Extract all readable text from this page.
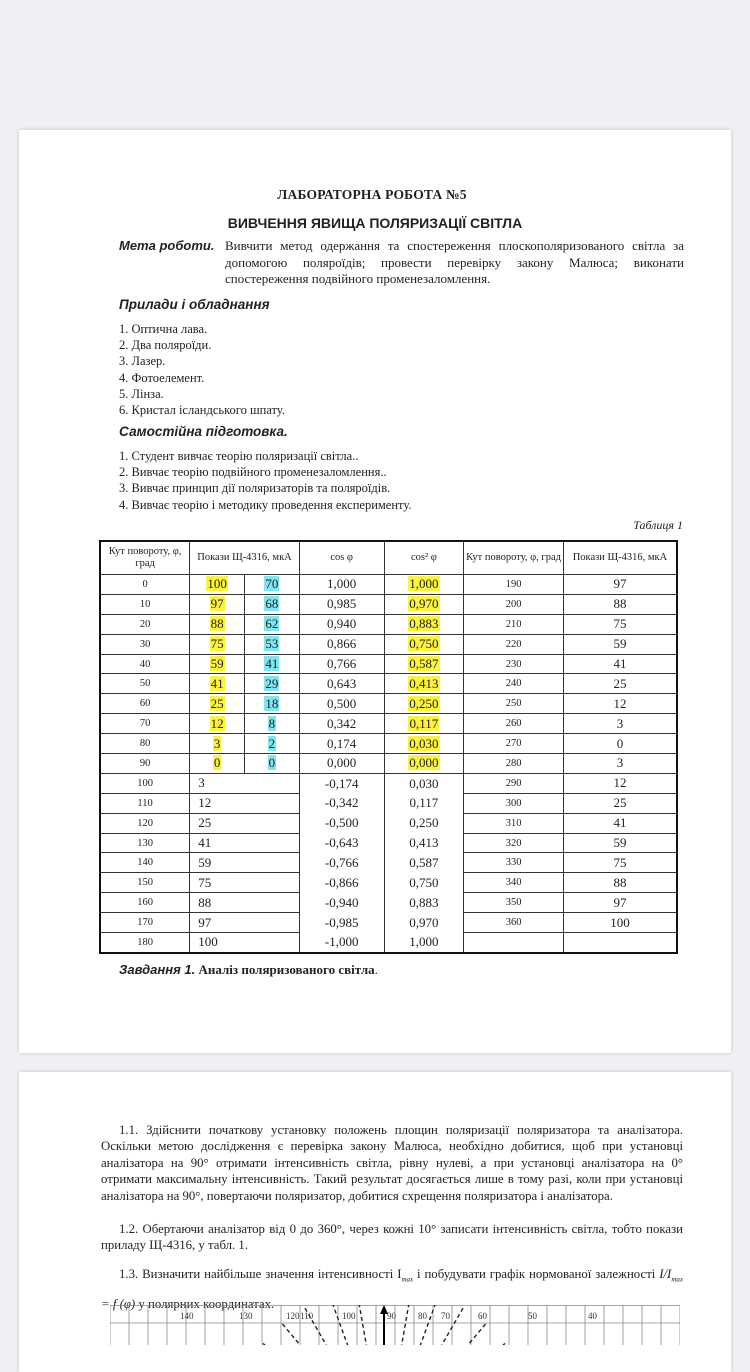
ЛАБОРАТОРНА РОБОТА №5
ВИВЧЕННЯ ЯВИЩА ПОЛЯРИЗАЦІЇ СВІТЛА
Мета роботи. Вивчити метод одержання та спостереження плоскополяризованого світла за допомогою поляроїдів; провести перевірку закону Малюса; виконати спостереження подвійного променезаломлення.
Прилади і обладнання
1. Оптична лава.
2. Два поляроїди.
3. Лазер.
4. Фотоелемент.
5. Лінза.
6. Кристал ісландського шпату.
Самостійна підготовка.
1. Студент вивчає теорію поляризації світла..
2. Вивчає теорію подвійного променезаломлення..
3. Вивчає принцип дії поляризаторів та поляроїдів.
4. Вивчає теорію і методику проведення експерименту.
Таблиця 1
Кут повороту, φ, град	Покази Щ-4316, мкА		cos φ	cos² φ	Кут повороту, φ, град	Покази Щ-4316, мкА
0	100	70	1,000	1,000	190	97
10	97	68	0,985	0,970	200	88
20	88	62	0,940	0,883	210	75
30	75	53	0,866	0,750	220	59
40	59	41	0,766	0,587	230	41
50	41	29	0,643	0,413	240	25
60	25	18	0,500	0,250	250	12
70	12	8	0,342	0,117	260	3
80	3	2	0,174	0,030	270	0
90	0	0	0,000	0,000	280	3
100	3		-0,174	0,030	290	12
110	12		-0,342	0,117	300	25
120	25		-0,500	0,250	310	41
130	41		-0,643	0,413	320	59
140	59		-0,766	0,587	330	75
150	75		-0,866	0,750	340	88
160	88		-0,940	0,883	350	97
170	97		-0,985	0,970	360	100
180	100		-1,000	1,000		
Завдання 1. Аналіз поляризованого світла.
1.1. Здійснити початкову установку положень площин поляризації поляризатора та аналізатора. Оскільки метою дослідження є перевірка закону Малюса, необхідно добитися, щоб при установці аналізатора на 90° отримати інтенсивність світла, рівну нулеві, а при установці аналізатора на 0° отримати максимальну інтенсивність. Такий результат досягається лише в тому разі, коли при установці аналізатора на 90°, повертаючи поляризатор, добитися схрещення поляризатора і аналізатора.
1.2. Обертаючи аналізатор від 0 до 360°, через кожні 10° записати інтенсивність світла, тобто покази приладу Щ-4316, у табл. 1.
1.3. Визначити найбільше значення інтенсивності $I_{max}$ і побудувати графік нормованої залежності $I/I_{max} = f$ (φ) у полярних координатах.
140	130	120 110	100	90 80 70	60	50	40
